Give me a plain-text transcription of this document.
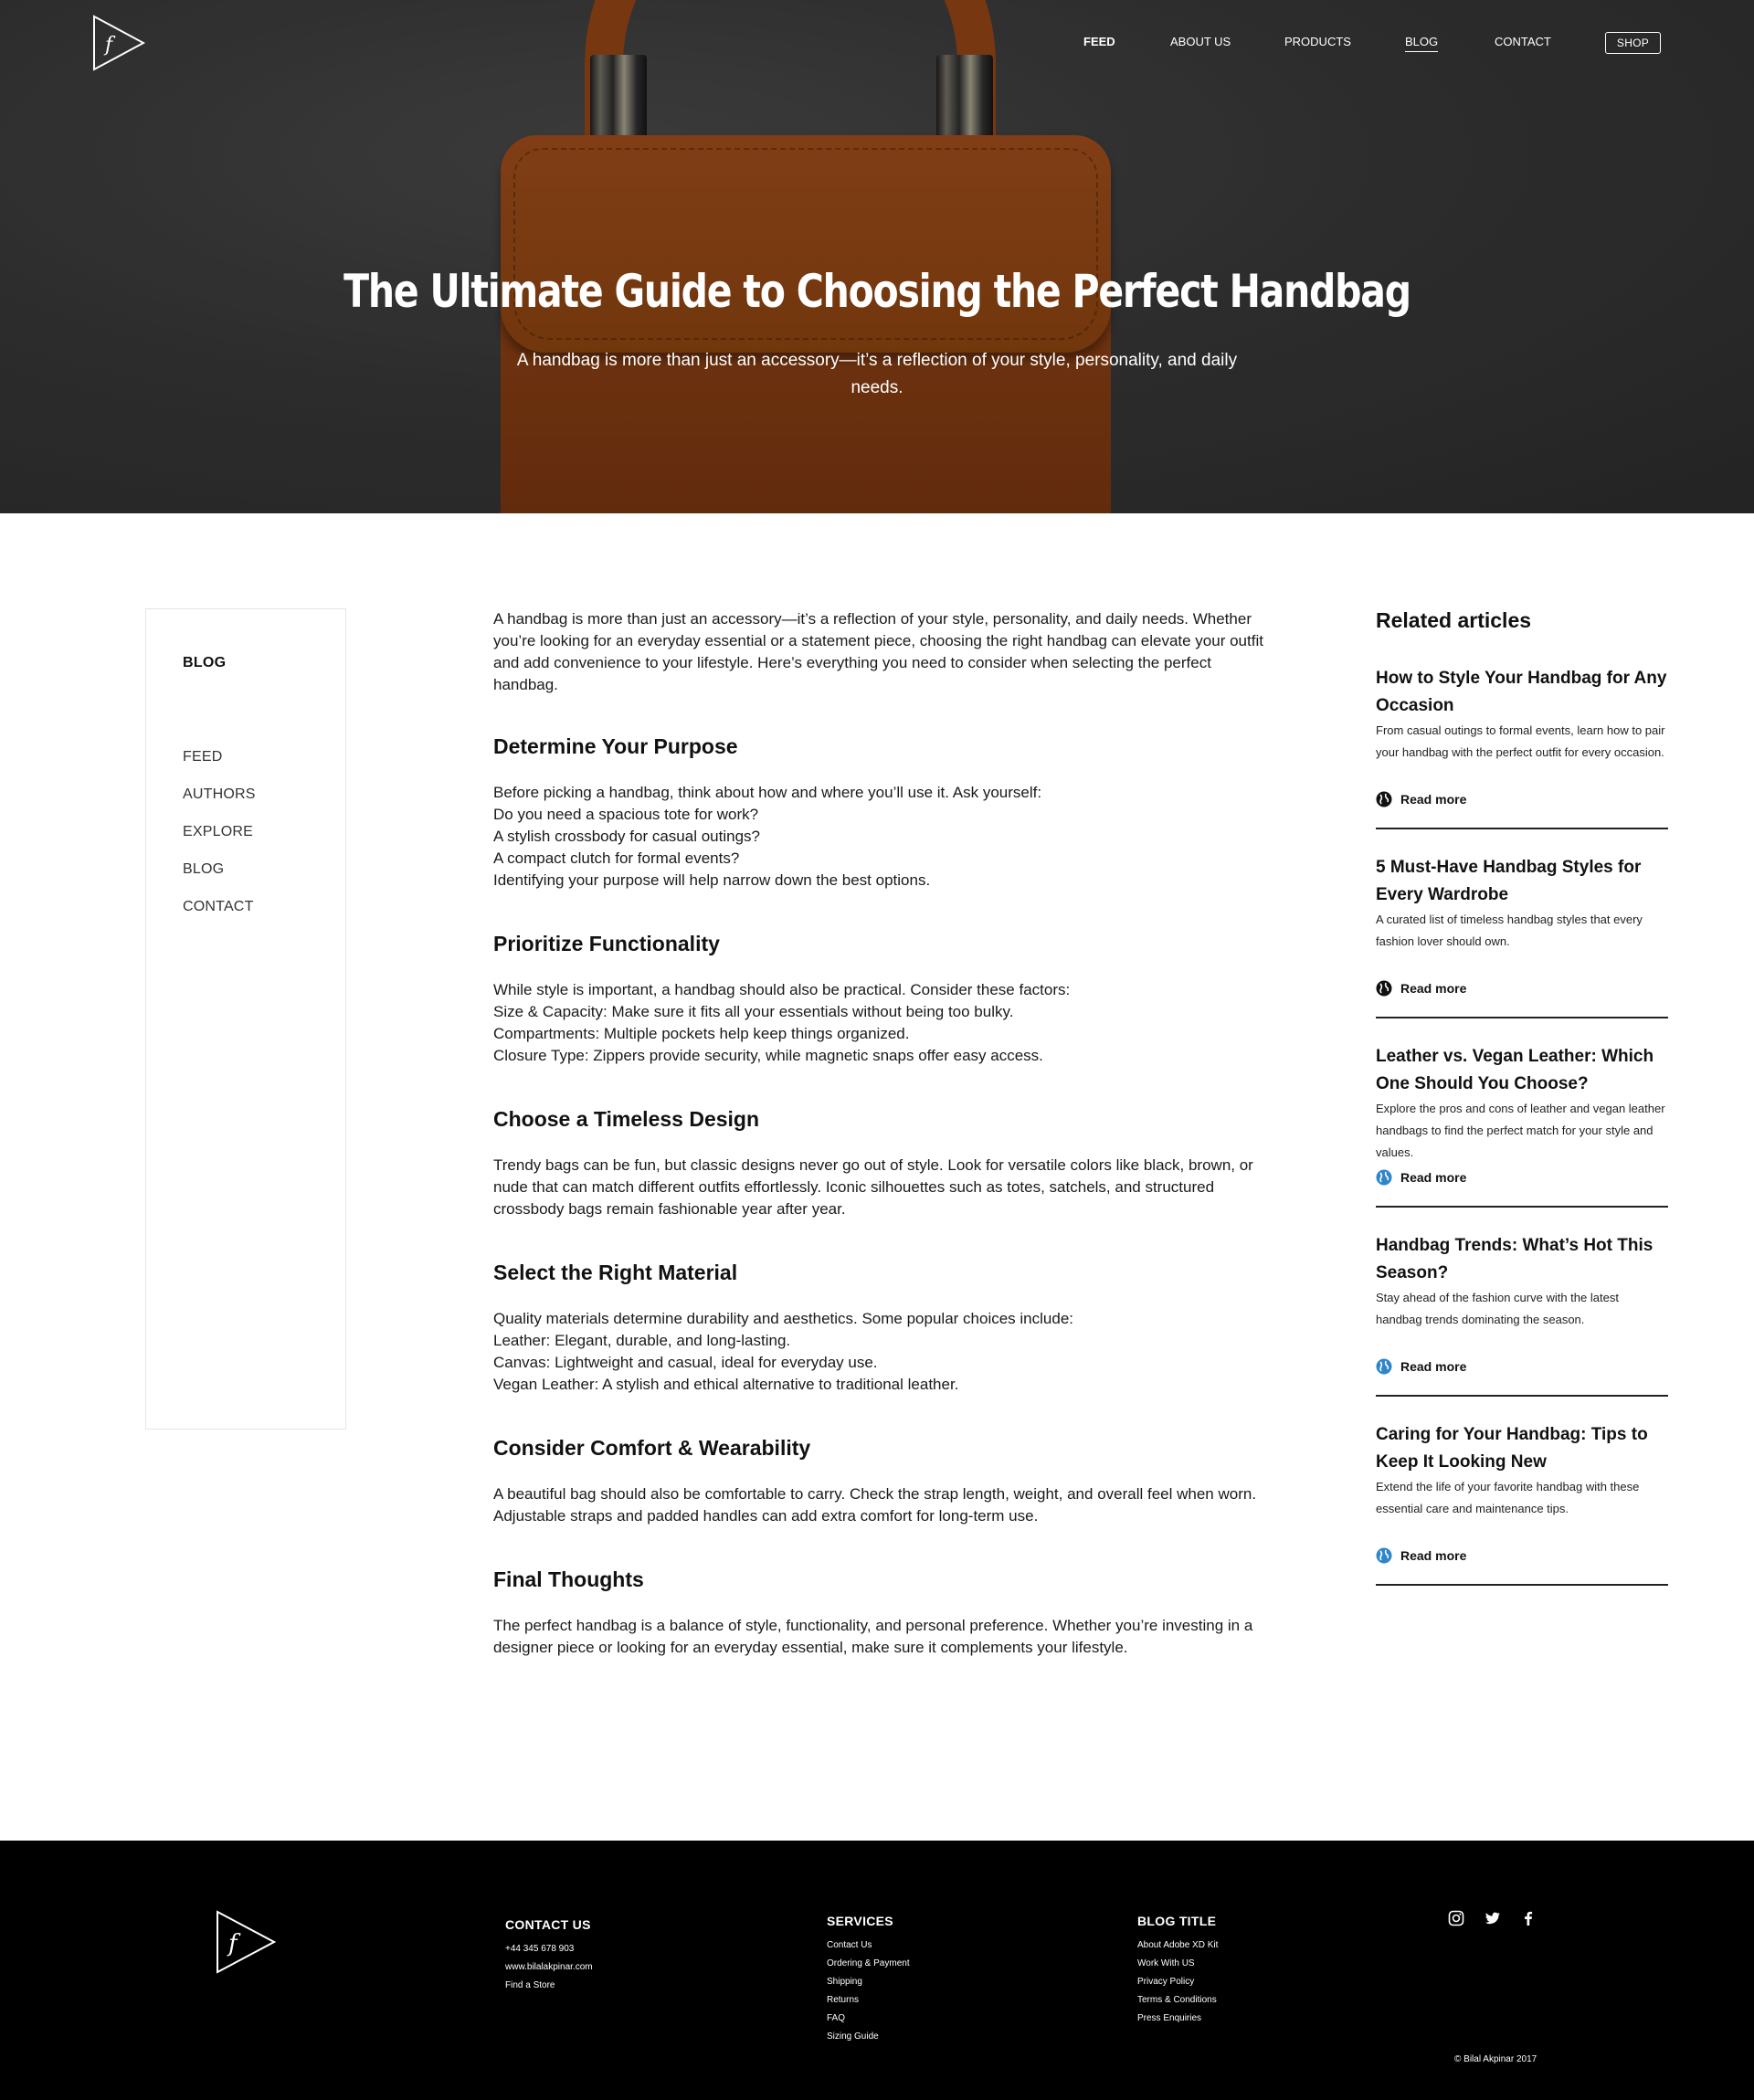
f	FEED	ABOUT US	PRODUCTS	BLOG	CONTACT	SHOP
The Ultimate Guide to Choosing the Perfect Handbag
A handbag is more than just an accessory—it’s a reflection of your style, personality, and daily needs.
BLOG
FEED
AUTHORS
EXPLORE
BLOG
CONTACT

A handbag is more than just an accessory—it’s a reflection of your style, personality, and daily needs. Whether you’re looking for an everyday essential or a statement piece, choosing the right handbag can elevate your outfit and add convenience to your lifestyle. Here’s everything you need to consider when selecting the perfect handbag.

Determine Your Purpose

Before picking a handbag, think about how and where you’ll use it. Ask yourself:

Do you need a spacious tote for work?

A stylish crossbody for casual outings?

A compact clutch for formal events?

Identifying your purpose will help narrow down the best options.

Prioritize Functionality

While style is important, a handbag should also be practical. Consider these factors:

Size & Capacity: Make sure it fits all your essentials without being too bulky.

Compartments: Multiple pockets help keep things organized.

Closure Type: Zippers provide security, while magnetic snaps offer easy access.

Choose a Timeless Design

Trendy bags can be fun, but classic designs never go out of style. Look for versatile colors like black, brown, or nude that can match different outfits effortlessly. Iconic silhouettes such as totes, satchels, and structured crossbody bags remain fashionable year after year.

Select the Right Material

Quality materials determine durability and aesthetics. Some popular choices include:

Leather: Elegant, durable, and long-lasting.

Canvas: Lightweight and casual, ideal for everyday use.

Vegan Leather: A stylish and ethical alternative to traditional leather.

Consider Comfort & Wearability

A beautiful bag should also be comfortable to carry. Check the strap length, weight, and overall feel when worn. Adjustable straps and padded handles can add extra comfort for long-term use.

Final Thoughts

The perfect handbag is a balance of style, functionality, and personal preference. Whether you’re investing in a designer piece or looking for an everyday essential, make sure it complements your lifestyle.

Related articles
How to Style Your Handbag for Any Occasion

From casual outings to formal events, learn how to pair your handbag with the perfect outfit for every occasion.

Read more
5 Must-Have Handbag Styles for Every Wardrobe

A curated list of timeless handbag styles that every fashion lover should own.

Read more
Leather vs. Vegan Leather: Which One Should You Choose?

Explore the pros and cons of leather and vegan leather handbags to find the perfect match for your style and values.

Read more
Handbag Trends: What’s Hot This Season?

Stay ahead of the fashion curve with the latest handbag trends dominating the season.

Read more
Caring for Your Handbag: Tips to Keep It Looking New

Extend the life of your favorite handbag with these essential care and maintenance tips.

Read more
f
CONTACT US
+44 345 678 903
www.bilalakpinar.com
Find a Store
SERVICES
Contact Us
Ordering & Payment
Shipping
Returns
FAQ
Sizing Guide
BLOG TITLE
About Adobe XD Kit
Work With US
Privacy Policy
Terms & Conditions
Press Enquiries
© Bilal Akpinar 2017
